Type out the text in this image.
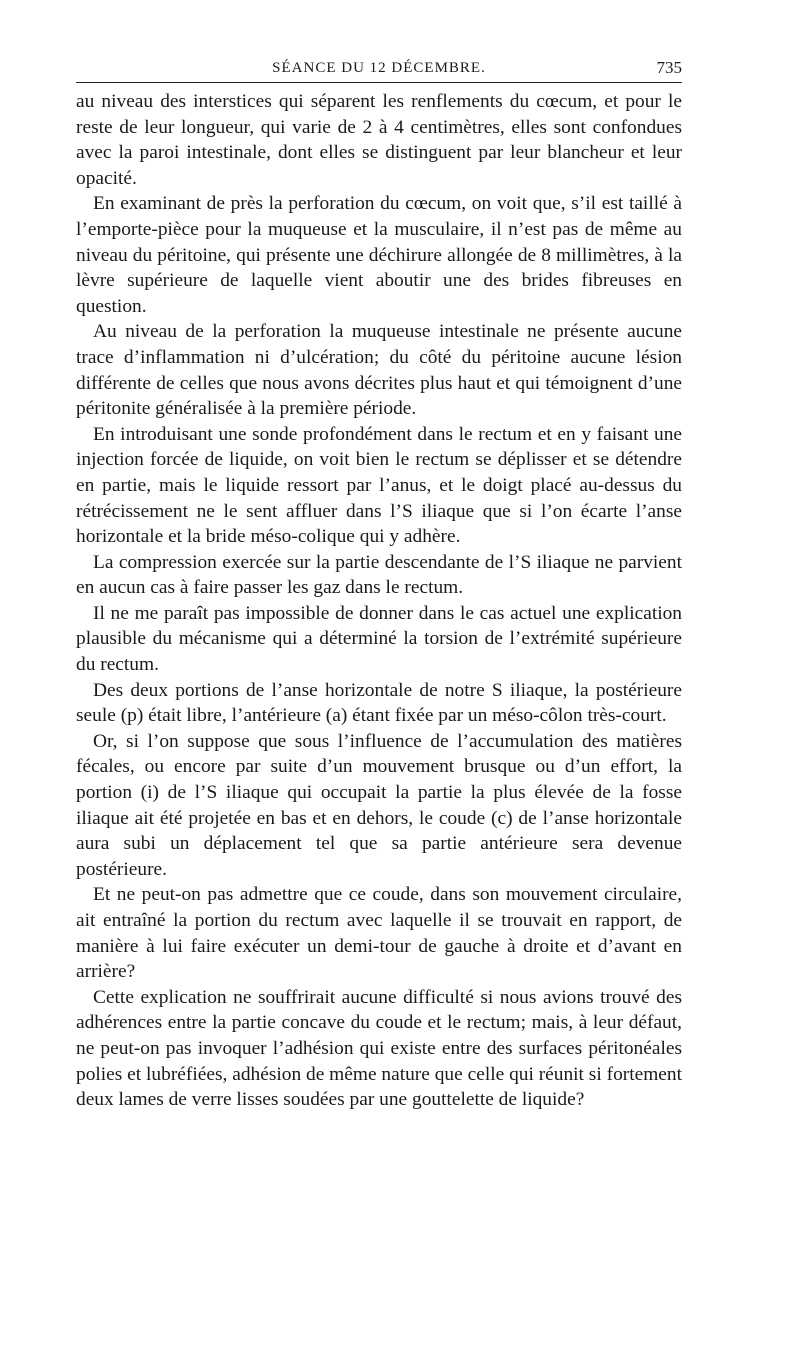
SÉANCE DU 12 DÉCEMBRE.	735

au niveau des interstices qui séparent les renflements du cœcum, et pour le reste de leur longueur, qui varie de 2 à 4 centimètres, elles sont confondues avec la paroi intestinale, dont elles se distinguent par leur blancheur et leur opacité.

En examinant de près la perforation du cœcum, on voit que, s’il est taillé à l’emporte-pièce pour la muqueuse et la musculaire, il n’est pas de même au niveau du péritoine, qui présente une déchirure allongée de 8 millimètres, à la lèvre supérieure de laquelle vient aboutir une des brides fibreuses en question.

Au niveau de la perforation la muqueuse intestinale ne présente aucune trace d’inflammation ni d’ulcération; du côté du péritoine aucune lésion différente de celles que nous avons décrites plus haut et qui témoignent d’une péritonite généralisée à la première période.

En introduisant une sonde profondément dans le rectum et en y faisant une injection forcée de liquide, on voit bien le rectum se déplisser et se détendre en partie, mais le liquide ressort par l’anus, et le doigt placé au-dessus du rétrécissement ne le sent affluer dans l’S iliaque que si l’on écarte l’anse horizontale et la bride méso-colique qui y adhère.

La compression exercée sur la partie descendante de l’S iliaque ne parvient en aucun cas à faire passer les gaz dans le rectum.

Il ne me paraît pas impossible de donner dans le cas actuel une explication plausible du mécanisme qui a déterminé la torsion de l’extrémité supérieure du rectum.

Des deux portions de l’anse horizontale de notre S iliaque, la postérieure seule (p) était libre, l’antérieure (a) étant fixée par un méso-côlon très-court.

Or, si l’on suppose que sous l’influence de l’accumulation des matières fécales, ou encore par suite d’un mouvement brusque ou d’un effort, la portion (i) de l’S iliaque qui occupait la partie la plus élevée de la fosse iliaque ait été projetée en bas et en dehors, le coude (c) de l’anse horizontale aura subi un déplacement tel que sa partie antérieure sera devenue postérieure.

Et ne peut-on pas admettre que ce coude, dans son mouvement circulaire, ait entraîné la portion du rectum avec laquelle il se trouvait en rapport, de manière à lui faire exécuter un demi-tour de gauche à droite et d’avant en arrière?

Cette explication ne souffrirait aucune difficulté si nous avions trouvé des adhérences entre la partie concave du coude et le rectum; mais, à leur défaut, ne peut-on pas invoquer l’adhésion qui existe entre des surfaces péritonéales polies et lubréfiées, adhésion de même nature que celle qui réunit si fortement deux lames de verre lisses soudées par une gouttelette de liquide?
